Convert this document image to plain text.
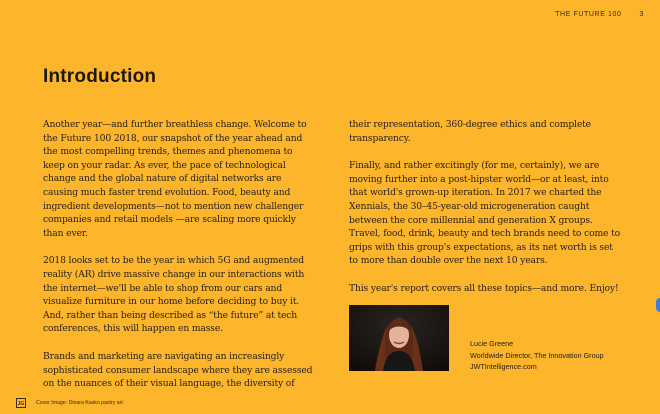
THE FUTURE 100	3
Introduction

Another year—and further breathless change. Welcome to the Future 100 2018, our snapshot of the year ahead and the most compelling trends, themes and phenomena to keep on your radar. As ever, the pace of technological change and the global nature of digital networks are causing much faster trend evolution. Food, beauty and ingredient developments—not to mention new challenger companies and retail models —are scaling more quickly than ever.

2018 looks set to be the year in which 5G and augmented reality (AR) drive massive change in our interactions with the internet—we'll be able to shop from our cars and visualize furniture in our home before deciding to buy it. And, rather than being described as “the future” at tech conferences, this will happen en masse.

Brands and marketing are navigating an increasingly sophisticated consumer landscape where they are assessed on the nuances of their visual language, the diversity of

their representation, 360-degree ethics and complete transparency.

Finally, and rather excitingly (for me, certainly), we are moving further into a post-hipster world—or at least, into that world's grown-up iteration. In 2017 we charted the Xennials, the 30–45-year-old microgeneration caught between the core millennial and generation X groups. Travel, food, drink, beauty and tech brands need to come to grips with this group's expectations, as its net worth is set to more than double over the next 10 years.

This year's report covers all these topics—and more. Enjoy!

Lucie Greene
Worldwide Director, The Innovation Group
JWTIntelligence.com
JG	Cover Image: Dinara Kasko pastry art
